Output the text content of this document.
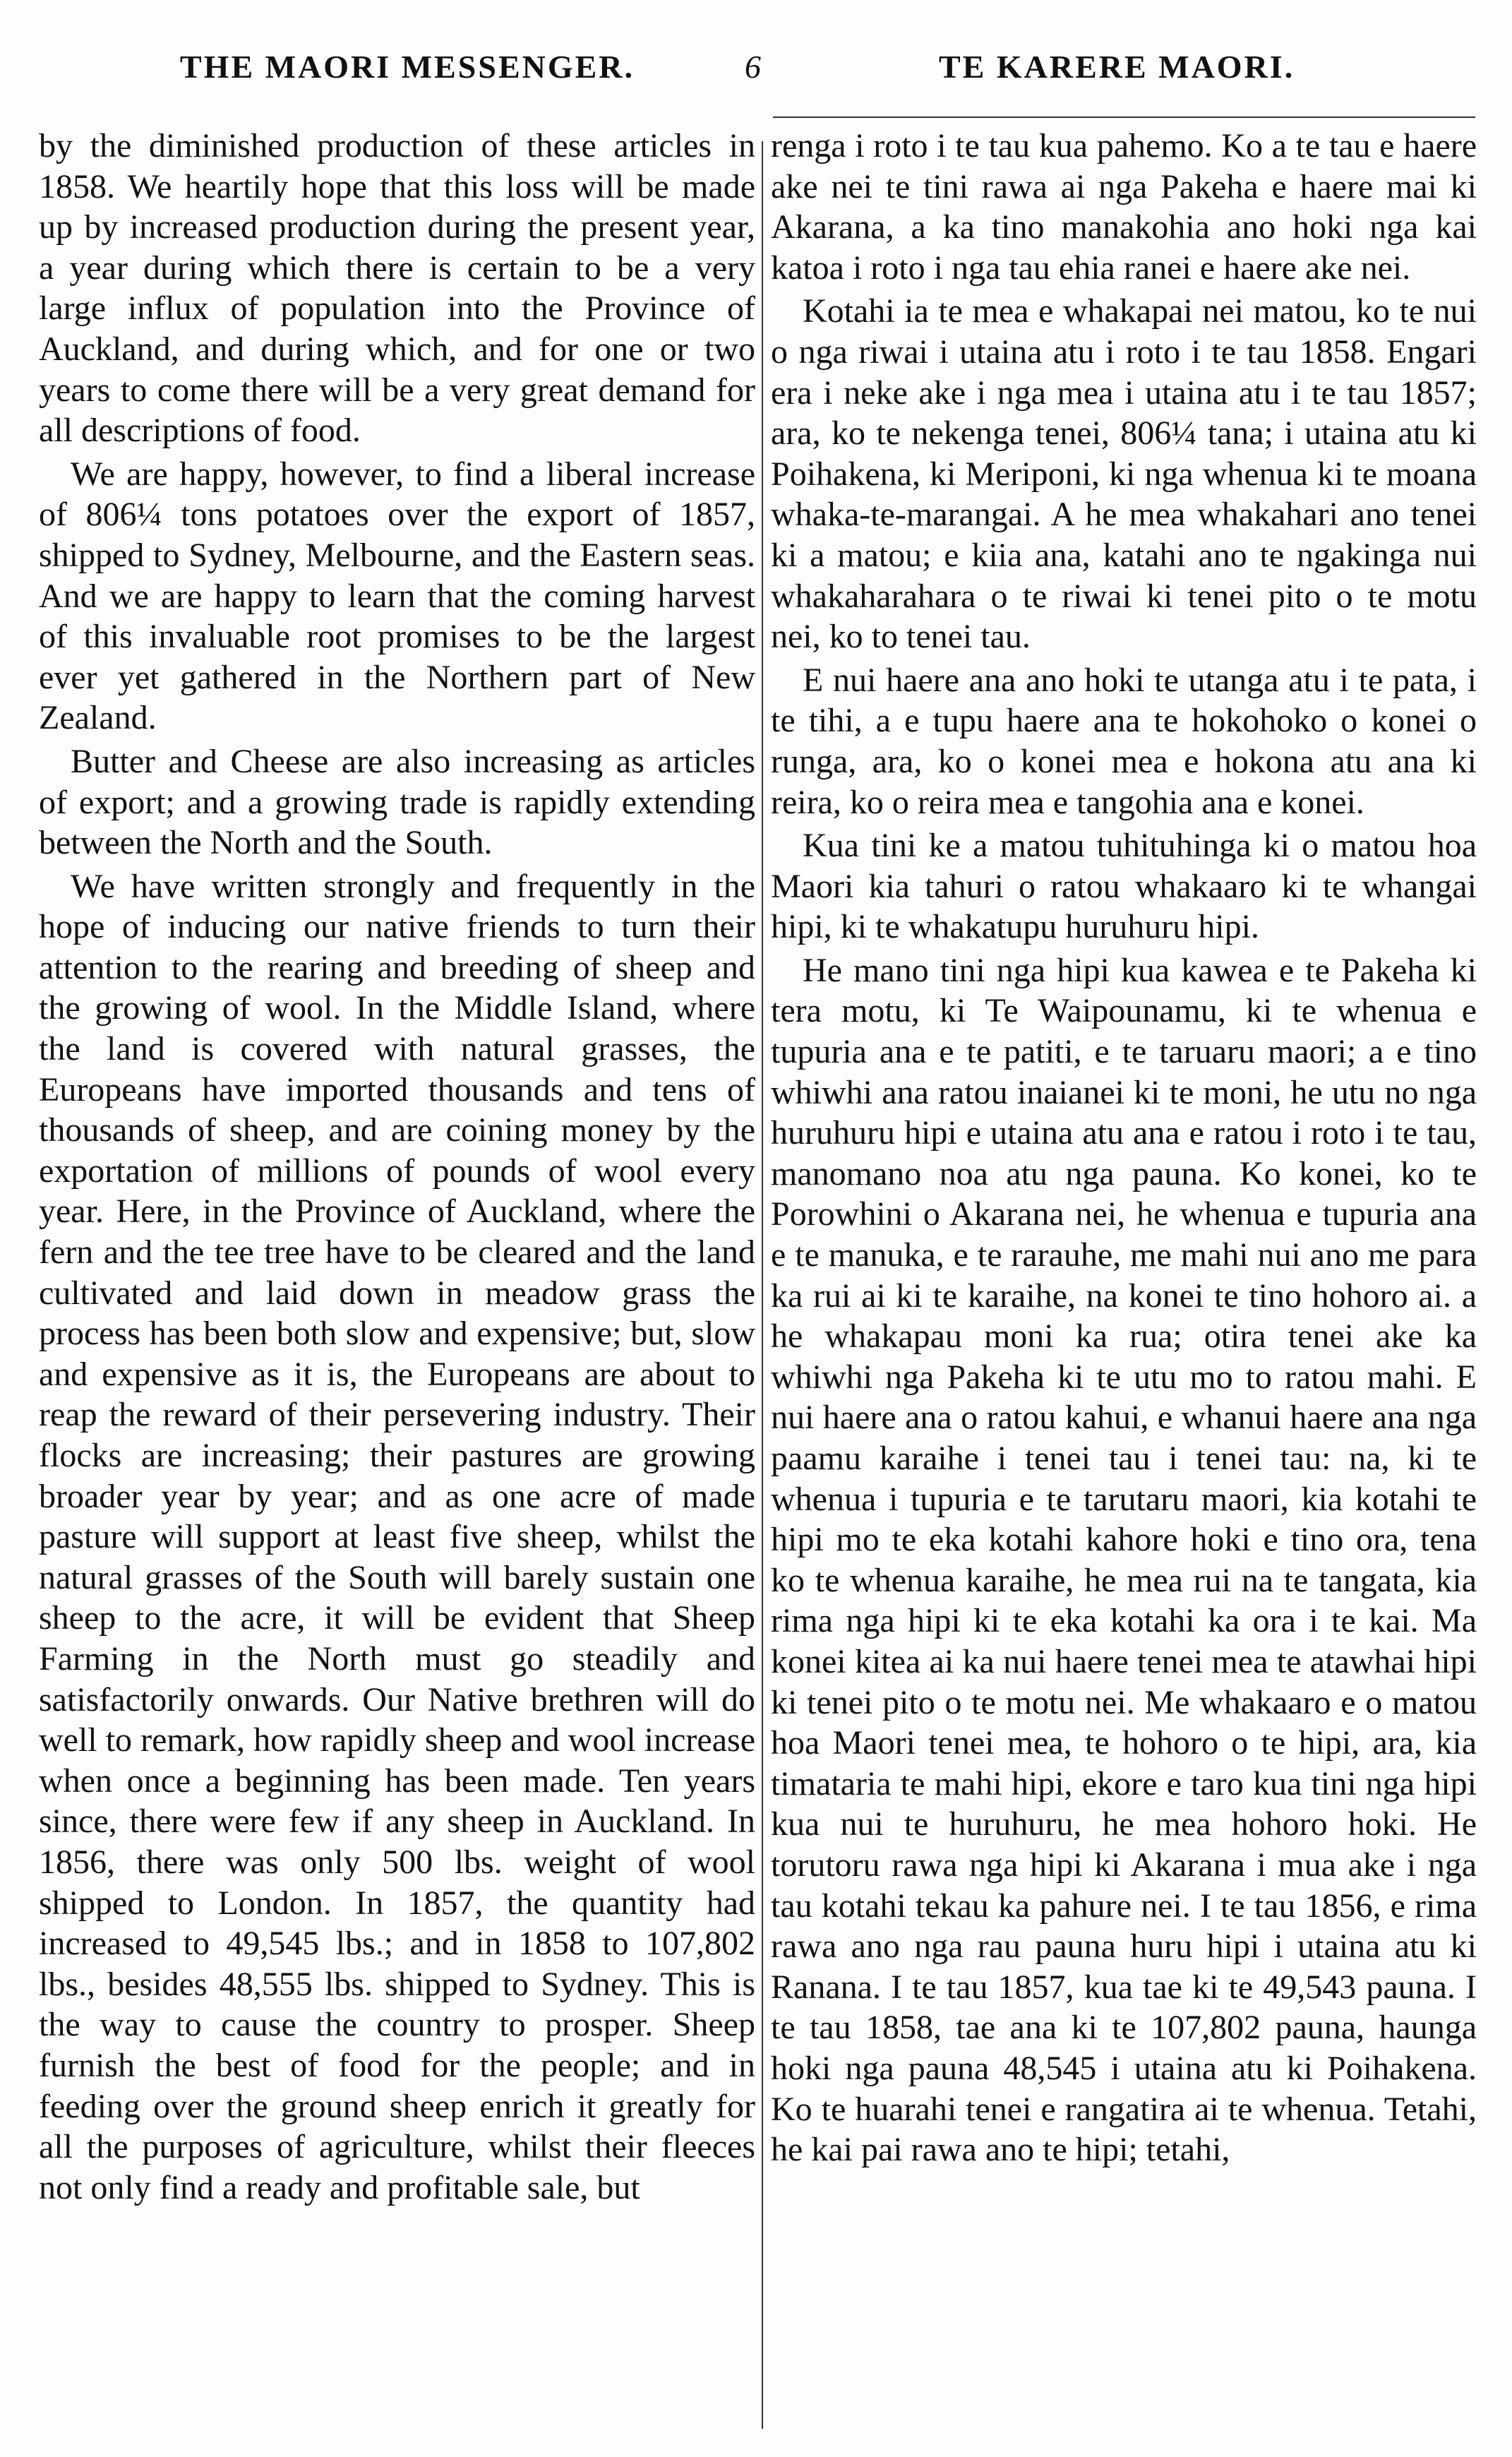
THE MAORI MESSENGER.	6	TE KARERE MAORI.

by the diminished production of these articles in 1858. We heartily hope that this loss will be made up by increased production during the present year, a year during which there is certain to be a very large influx of population into the Province of Auckland, and during which, and for one or two years to come there will be a very great demand for all descriptions of food.

We are happy, however, to find a liberal increase of 806¼ tons potatoes over the export of 1857, shipped to Sydney, Melbourne, and the Eastern seas. And we are happy to learn that the coming harvest of this invaluable root promises to be the largest ever yet gathered in the Northern part of New Zealand.

Butter and Cheese are also increasing as articles of export; and a growing trade is rapidly extending between the North and the South.

We have written strongly and frequently in the hope of inducing our native friends to turn their attention to the rearing and breeding of sheep and the growing of wool. In the Middle Island, where the land is covered with natural grasses, the Europeans have imported thousands and tens of thousands of sheep, and are coining money by the exportation of millions of pounds of wool every year. Here, in the Province of Auckland, where the fern and the tee tree have to be cleared and the land cultivated and laid down in meadow grass the process has been both slow and expensive; but, slow and expensive as it is, the Europeans are about to reap the reward of their persevering industry. Their flocks are increasing; their pastures are growing broader year by year; and as one acre of made pasture will support at least five sheep, whilst the natural grasses of the South will barely sustain one sheep to the acre, it will be evident that Sheep Farming in the North must go steadily and satisfactorily onwards. Our Native brethren will do well to remark, how rapidly sheep and wool increase when once a beginning has been made. Ten years since, there were few if any sheep in Auckland. In 1856, there was only 500 lbs. weight of wool shipped to London. In 1857, the quantity had increased to 49,545 lbs.; and in 1858 to 107,802 lbs., besides 48,555 lbs. shipped to Sydney. This is the way to cause the country to prosper. Sheep furnish the best of food for the people; and in feeding over the ground sheep enrich it greatly for all the purposes of agriculture, whilst their fleeces not only find a ready and profitable sale, but

renga i roto i te tau kua pahemo. Ko a te tau e haere ake nei te tini rawa ai nga Pakeha e haere mai ki Akarana, a ka tino manakohia ano hoki nga kai katoa i roto i nga tau ehia ranei e haere ake nei.

Kotahi ia te mea e whakapai nei matou, ko te nui o nga riwai i utaina atu i roto i te tau 1858. Engari era i neke ake i nga mea i utaina atu i te tau 1857; ara, ko te nekenga tenei, 806¼ tana; i utaina atu ki Poihakena, ki Meriponi, ki nga whenua ki te moana whaka-te-marangai. A he mea whakahari ano tenei ki a matou; e kiia ana, katahi ano te ngakinga nui whakaharahara o te riwai ki tenei pito o te motu nei, ko to tenei tau.

E nui haere ana ano hoki te utanga atu i te pata, i te tihi, a e tupu haere ana te hokohoko o konei o runga, ara, ko o konei mea e hokona atu ana ki reira, ko o reira mea e tangohia ana e konei.

Kua tini ke a matou tuhituhinga ki o matou hoa Maori kia tahuri o ratou whakaaro ki te whangai hipi, ki te whakatupu huruhuru hipi.

He mano tini nga hipi kua kawea e te Pakeha ki tera motu, ki Te Waipounamu, ki te whenua e tupuria ana e te patiti, e te taruaru maori; a e tino whiwhi ana ratou inaianei ki te moni, he utu no nga huruhuru hipi e utaina atu ana e ratou i roto i te tau, manomano noa atu nga pauna. Ko konei, ko te Porowhini o Akarana nei, he whenua e tupuria ana e te manuka, e te rarauhe, me mahi nui ano me para ka rui ai ki te karaihe, na konei te tino hohoro ai. a he whakapau moni ka rua; otira tenei ake ka whiwhi nga Pakeha ki te utu mo to ratou mahi. E nui haere ana o ratou kahui, e whanui haere ana nga paamu karaihe i tenei tau i tenei tau: na, ki te whenua i tupuria e te tarutaru maori, kia kotahi te hipi mo te eka kotahi kahore hoki e tino ora, tena ko te whenua karaihe, he mea rui na te tangata, kia rima nga hipi ki te eka kotahi ka ora i te kai. Ma konei kitea ai ka nui haere tenei mea te atawhai hipi ki tenei pito o te motu nei. Me whakaaro e o matou hoa Maori tenei mea, te hohoro o te hipi, ara, kia timataria te mahi hipi, ekore e taro kua tini nga hipi kua nui te huruhuru, he mea hohoro hoki. He torutoru rawa nga hipi ki Akarana i mua ake i nga tau kotahi tekau ka pahure nei. I te tau 1856, e rima rawa ano nga rau pauna huru hipi i utaina atu ki Ranana. I te tau 1857, kua tae ki te 49,543 pauna. I te tau 1858, tae ana ki te 107,802 pauna, haunga hoki nga pauna 48,545 i utaina atu ki Poihakena. Ko te huarahi tenei e rangatira ai te whenua. Tetahi, he kai pai rawa ano te hipi; tetahi,
